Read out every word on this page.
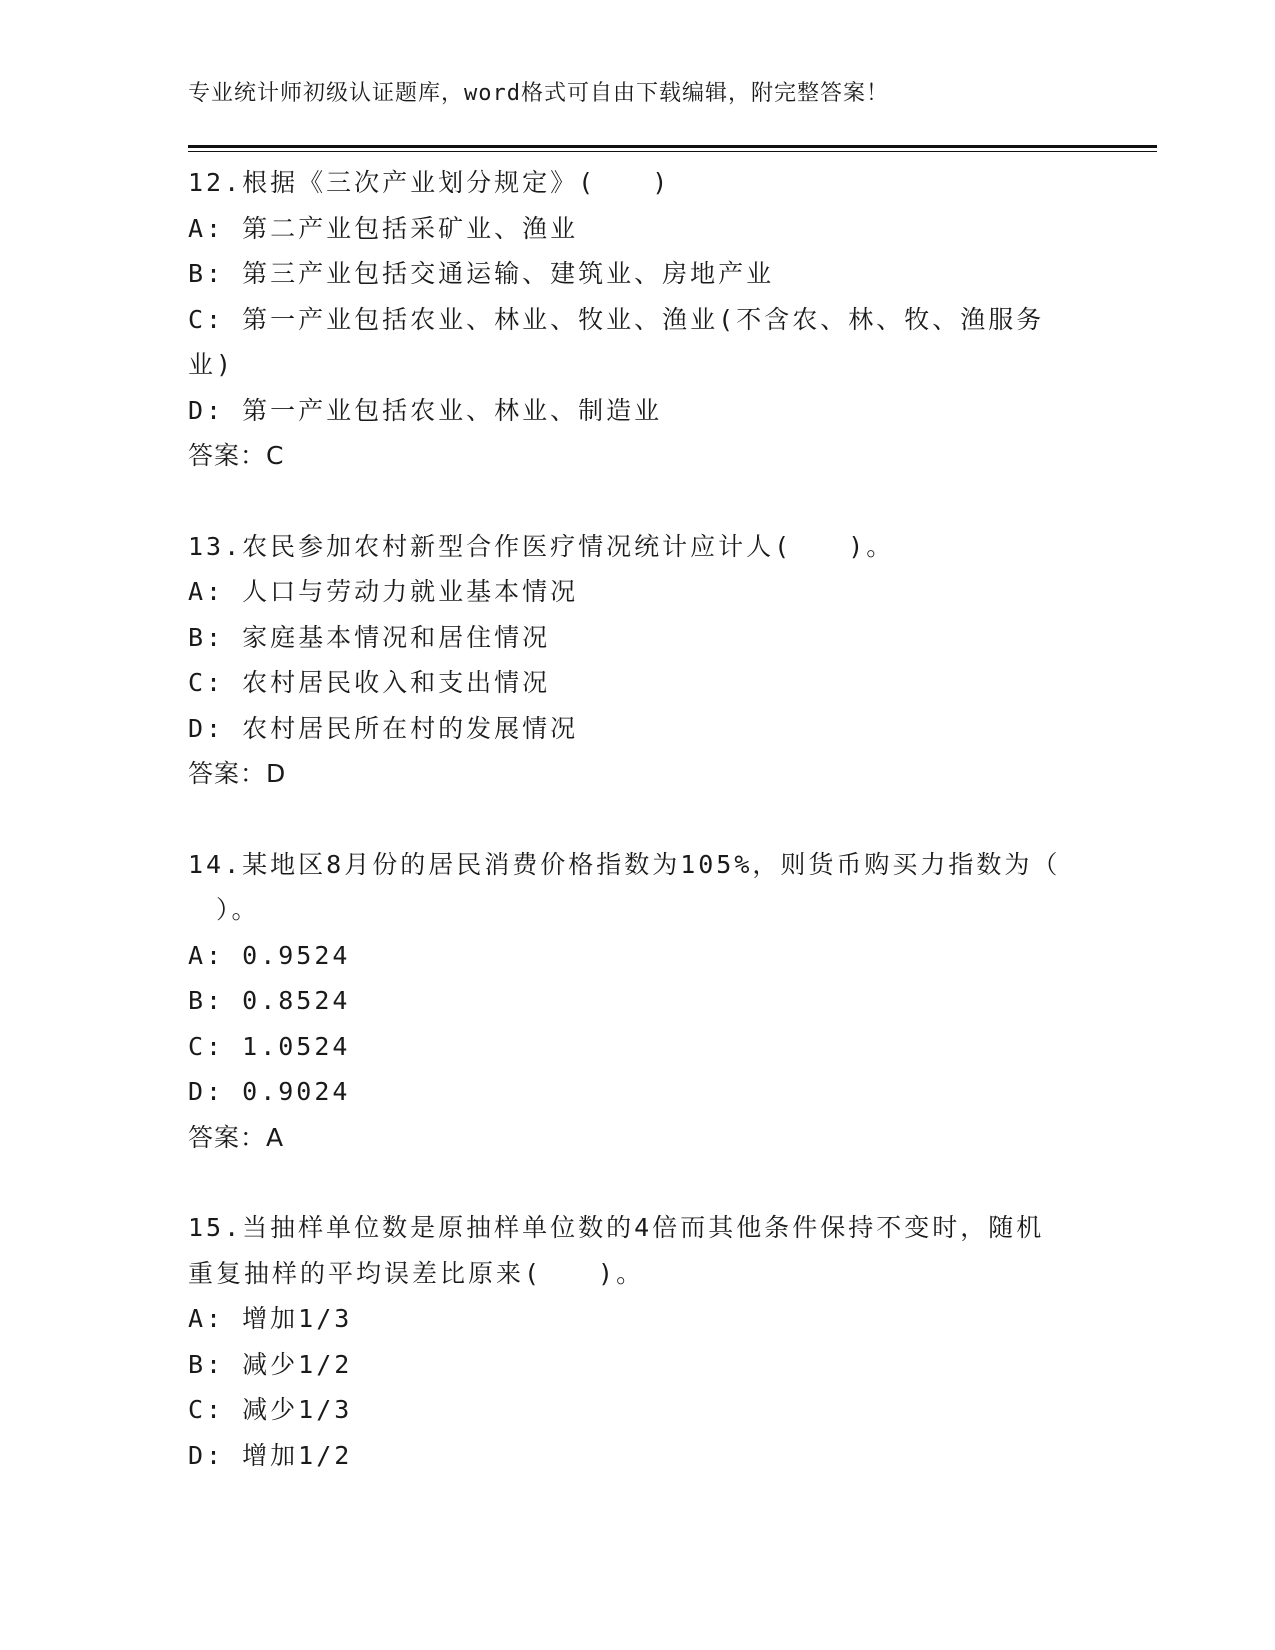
专业统计师初级认证题库，word格式可自由下载编辑，附完整答案！
12.根据《三次产业划分规定》(　　)
A: 第二产业包括采矿业、渔业
B: 第三产业包括交通运输、建筑业、房地产业
C: 第一产业包括农业、林业、牧业、渔业(不含农、林、牧、渔服务
业)
D: 第一产业包括农业、林业、制造业
答案：C
13.农民参加农村新型合作医疗情况统计应计人(　　)。
A: 人口与劳动力就业基本情况
B: 家庭基本情况和居住情况
C: 农村居民收入和支出情况
D: 农村居民所在村的发展情况
答案：D
14.某地区8月份的居民消费价格指数为105%，则货币购买力指数为（
　）。
A: 0.9524
B: 0.8524
C: 1.0524
D: 0.9024
答案：A
15.当抽样单位数是原抽样单位数的4倍而其他条件保持不变时，随机
重复抽样的平均误差比原来(　　)。
A: 增加1/3
B: 减少1/2
C: 减少1/3
D: 增加1/2
